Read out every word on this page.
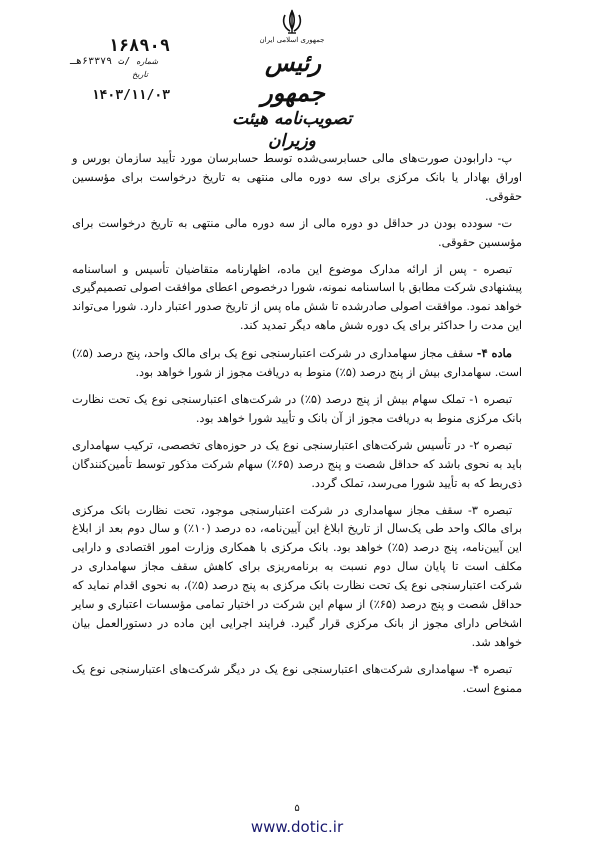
جمهوری اسلامی ایران
رئیس جمهور
تصویب‌نامه هیئت وزیران
۱۶۸۹۰۹
شماره /ت ۶۳۳۷۹هـ
تاریخ
۱۴۰۳/۱۱/۰۳

پ- دارابودن صورت‌های مالی حسابرسی‌شده توسط حسابرسان مورد تأیید سازمان بورس و اوراق بهادار یا بانک مرکزی برای سه دوره مالی منتهی به تاریخ درخواست برای مؤسسین حقوقی.

ت- سودده بودن در حداقل دو دوره مالی از سه دوره مالی منتهی به تاریخ درخواست برای مؤسسین حقوقی.

تبصره - پس از ارائه مدارک موضوع این ماده، اظهارنامه متقاضیان تأسیس و اساسنامه پیشنهادی شرکت مطابق با اساسنامه نمونه، شورا درخصوص اعطای موافقت اصولی تصمیم‌گیری خواهد نمود. موافقت اصولی صادرشده تا شش ماه پس از تاریخ صدور اعتبار دارد. شورا می‌تواند این مدت را حداکثر برای یک دوره شش ماهه دیگر تمدید کند.

ماده ۴- سقف مجاز سهامداری در شرکت اعتبارسنجی نوع یک برای مالک واحد، پنج درصد (۵٪) است. سهامداری بیش از پنج درصد (۵٪) منوط به دریافت مجوز از شورا خواهد بود.

تبصره ۱- تملک سهام بیش از پنج درصد (۵٪) در شرکت‌های اعتبارسنجی نوع یک تحت نظارت بانک مرکزی منوط به دریافت مجوز از آن بانک و تأیید شورا خواهد بود.

تبصره ۲- در تأسیس شرکت‌های اعتبارسنجی نوع یک در حوزه‌های تخصصی، ترکیب سهامداری باید به نحوی باشد که حداقل شصت و پنج درصد (۶۵٪) سهام شرکت مذکور توسط تأمین‌کنندگان ذی‌ربط که به تأیید شورا می‌رسد، تملک گردد.

تبصره ۳- سقف مجاز سهامداری در شرکت اعتبارسنجی موجود، تحت نظارت بانک مرکزی برای مالک واحد طی یک‌سال از تاریخ ابلاغ این آیین‌نامه، ده درصد (۱۰٪) و سال دوم بعد از ابلاغ این آیین‌نامه، پنج درصد (۵٪) خواهد بود. بانک مرکزی با همکاری وزارت امور اقتصادی و دارایی مکلف است تا پایان سال دوم نسبت به برنامه‌ریزی برای کاهش سقف مجاز سهامداری در شرکت اعتبارسنجی نوع یک تحت نظارت بانک مرکزی به پنج درصد (۵٪)، به نحوی اقدام نماید که حداقل شصت و پنج درصد (۶۵٪) از سهام این شرکت در اختیار تمامی مؤسسات اعتباری و سایر اشخاص دارای مجوز از بانک مرکزی قرار گیرد. فرایند اجرایی این ماده در دستورالعمل بیان خواهد شد.

تبصره ۴- سهامداری شرکت‌های اعتبارسنجی نوع یک در دیگر شرکت‌های اعتبارسنجی نوع یک ممنوع است.

۵
www.dotic.ir
